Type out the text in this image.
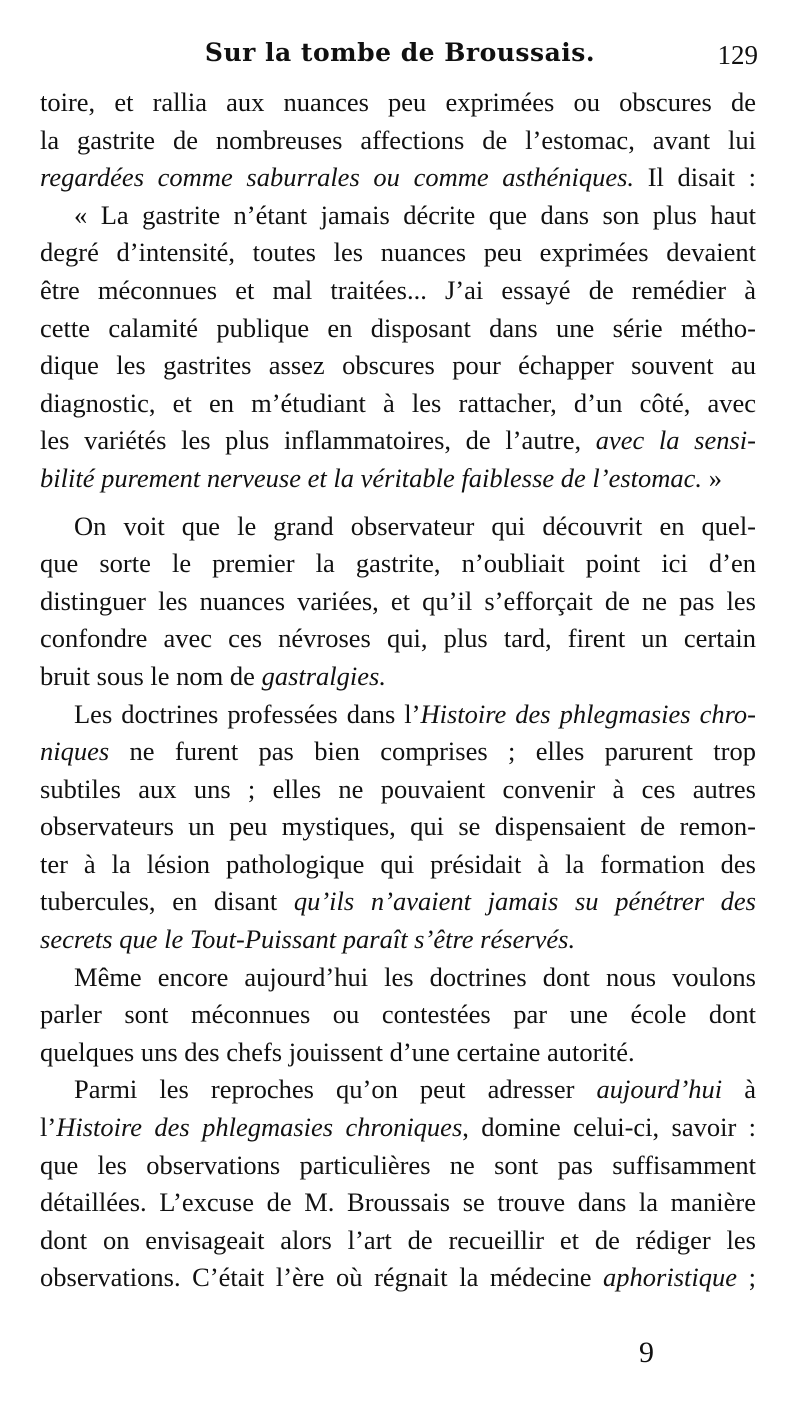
Sur la tombe de Broussais.	129
toire, et rallia aux nuances peu exprimées ou obscures de
la gastrite de nombreuses affections de l’estomac, avant lui
regardées comme saburrales ou comme asthéniques. Il disait :
« La gastrite n’étant jamais décrite que dans son plus haut
degré d’intensité, toutes les nuances peu exprimées devaient
être méconnues et mal traitées... J’ai essayé de remédier à
cette calamité publique en disposant dans une série métho-
dique les gastrites assez obscures pour échapper souvent au
diagnostic, et en m’étudiant à les rattacher, d’un côté, avec
les variétés les plus inflammatoires, de l’autre, avec la sensi-
bilité purement nerveuse et la véritable faiblesse de l’estomac. »
On voit que le grand observateur qui découvrit en quel-
que sorte le premier la gastrite, n’oubliait point ici d’en
distinguer les nuances variées, et qu’il s’efforçait de ne pas les
confondre avec ces névroses qui, plus tard, firent un certain
bruit sous le nom de gastralgies.
Les doctrines professées dans l’Histoire des phlegmasies chro-
niques ne furent pas bien comprises ; elles parurent trop
subtiles aux uns ; elles ne pouvaient convenir à ces autres
observateurs un peu mystiques, qui se dispensaient de remon-
ter à la lésion pathologique qui présidait à la formation des
tubercules, en disant qu’ils n’avaient jamais su pénétrer des
secrets que le Tout-Puissant paraît s’être réservés.
Même encore aujourd’hui les doctrines dont nous voulons
parler sont méconnues ou contestées par une école dont
quelques uns des chefs jouissent d’une certaine autorité.
Parmi les reproches qu’on peut adresser aujourd’hui à
l’Histoire des phlegmasies chroniques, domine celui-ci, savoir :
que les observations particulières ne sont pas suffisamment
détaillées. L’excuse de M. Broussais se trouve dans la manière
dont on envisageait alors l’art de recueillir et de rédiger les
observations. C’était l’ère où régnait la médecine aphoristique ;
9
